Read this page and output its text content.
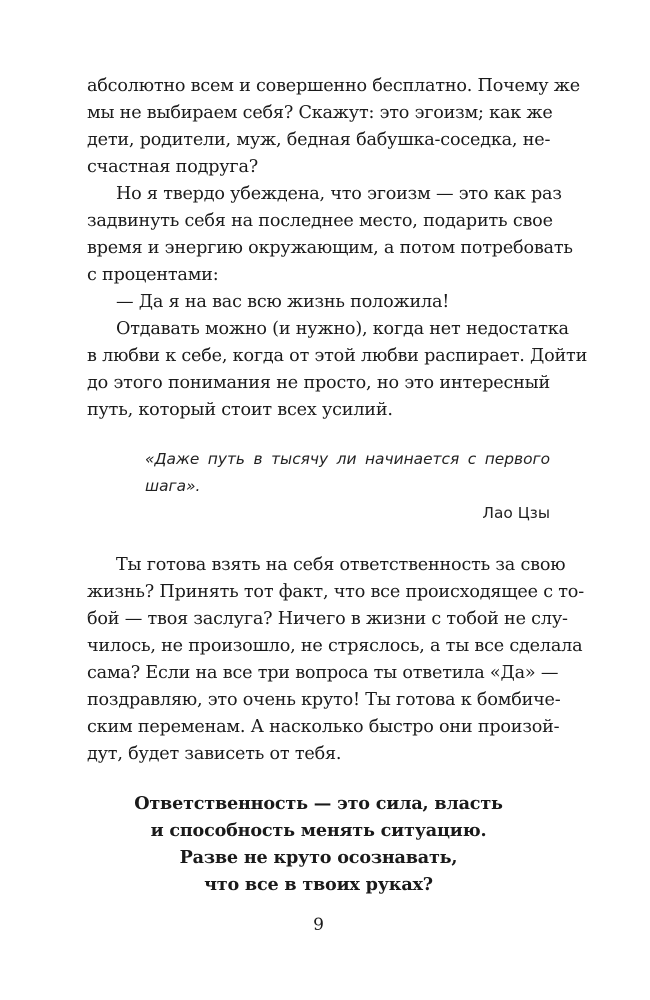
абсолютно всем и совершенно бесплатно. Почему же

мы не выбираем себя? Скажут: это эгоизм; как же

дети, родители, муж, бедная бабушка-соседка, не-

счастная подруга?

Но я твердо убеждена, что эгоизм — это как раз

задвинуть себя на последнее место, подарить свое

время и энергию окружающим, а потом потребовать

с процентами:

— Да я на вас всю жизнь положила!

Отдавать можно (и нужно), когда нет недостатка

в любви к себе, когда от этой любви распирает. Дойти

до этого понимания не просто, но это интересный

путь, который стоит всех усилий.

«Даже путь в тысячу ли начинается с первого

шага».

Лао Цзы

Ты готова взять на себя ответственность за свою

жизнь? Принять тот факт, что все происходящее с то-

бой — твоя заслуга? Ничего в жизни с тобой не слу-

чилось, не произошло, не стряслось, а ты все сделала

сама? Если на все три вопроса ты ответила «Да» —

поздравляю, это очень круто! Ты готова к бомбиче-

ским переменам. А насколько быстро они произой-

дут, будет зависеть от тебя.

Ответственность — это сила, власть

и способность менять ситуацию.

Разве не круто осознавать,

что все в твоих руках?

9
